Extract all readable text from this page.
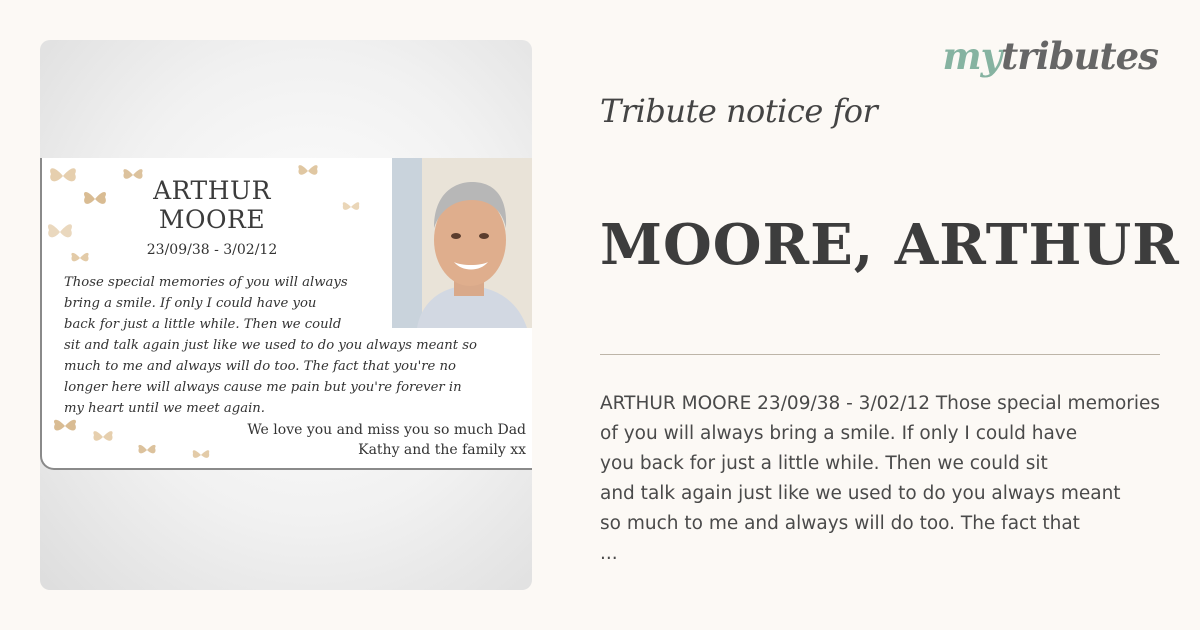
ARTHUR
MOORE
23/09/38 - 3/02/12
Those special memories of you will always
bring a smile. If only I could have you
back for just a little while. Then we could
sit and talk again just like we used to do you always meant so
much to me and always will do too. The fact that you're no
longer here will always cause me pain but you're forever in
my heart until we meet again.
We love you and miss you so much Dad
Kathy and the family xx
mytributes
Tribute notice for
MOORE, ARTHUR
ARTHUR MOORE 23/09/38 - 3/02/12 Those special memories
of you will always bring a smile. If only I could have
you back for just a little while. Then we could sit
and talk again just like we used to do you always meant
so much to me and always will do too. The fact that
...
